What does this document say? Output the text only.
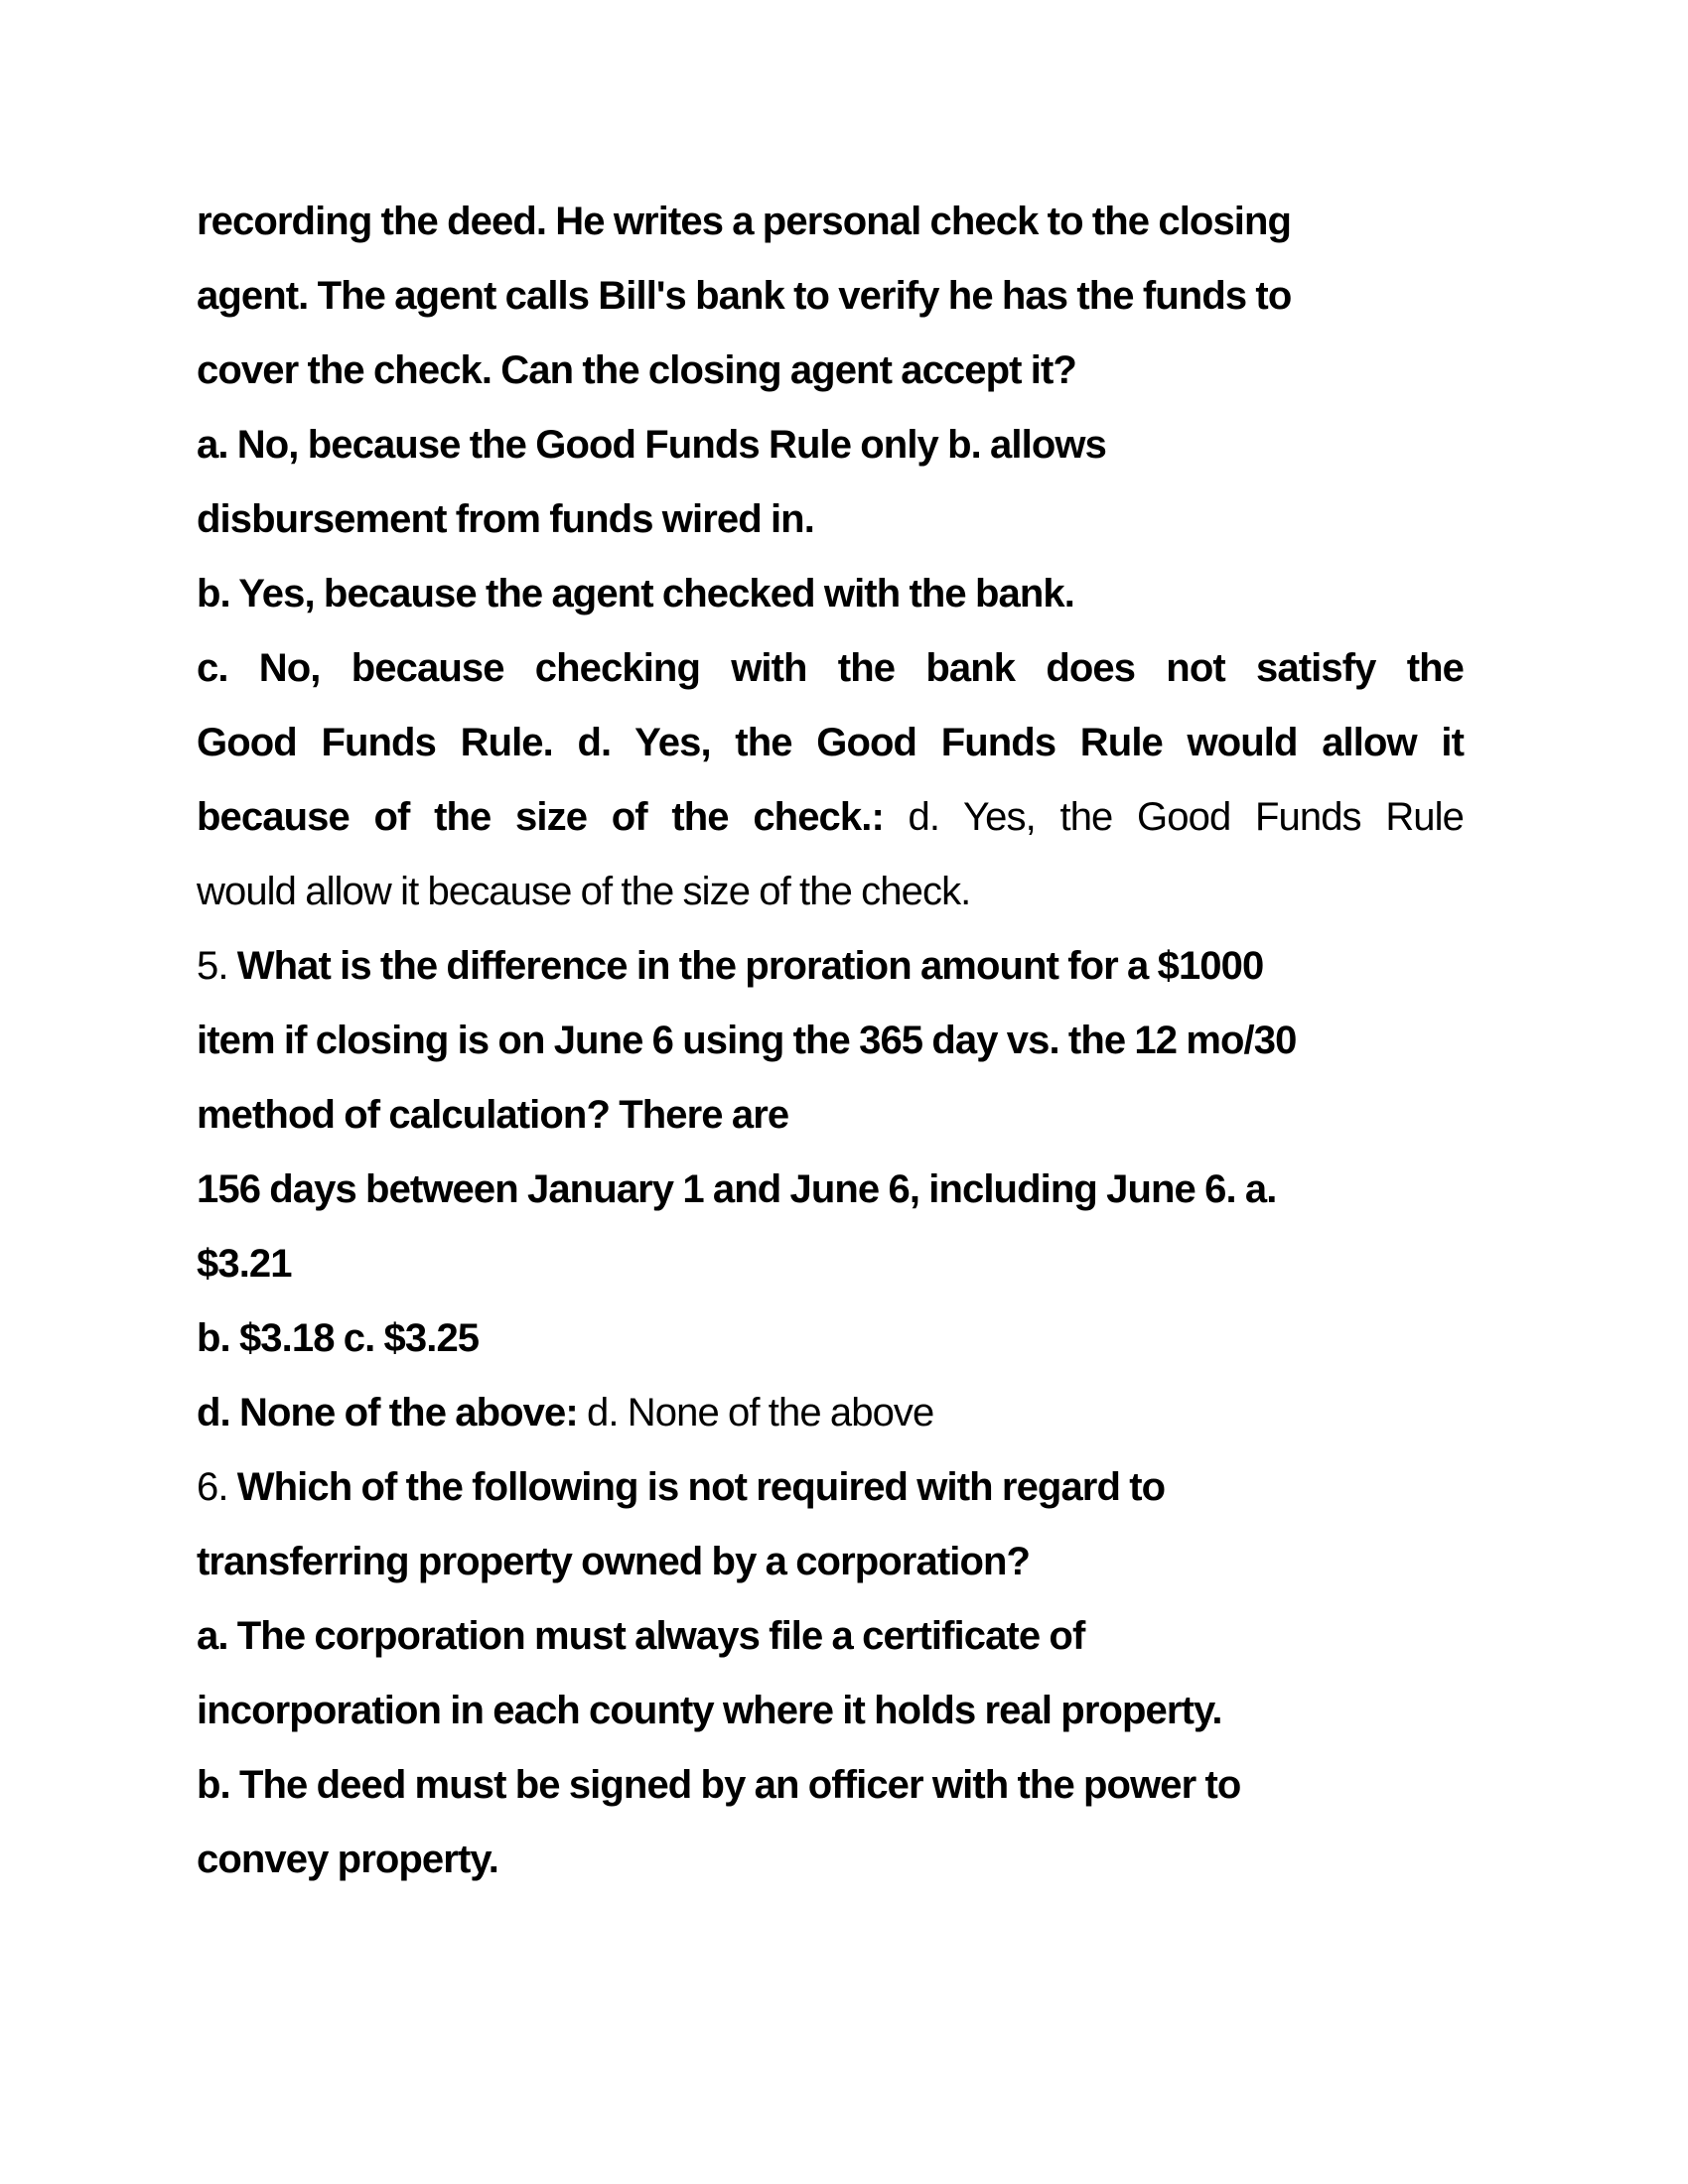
recording the deed. He writes a personal check to the closing
agent. The agent calls Bill's bank to verify he has the funds to
cover the check. Can the closing agent accept it?
a. No, because the Good Funds Rule only b. allows
disbursement from funds wired in.
b. Yes, because the agent checked with the bank.
c. No, because checking with the bank does not satisfy the
Good Funds Rule. d. Yes, the Good Funds Rule would allow it
because of the size of the check.: d. Yes, the Good Funds Rule
would allow it because of the size of the check.
5. What is the difference in the proration amount for a $1000
item if closing is on June 6 using the 365 day vs. the 12 mo/30
method of calculation? There are
156 days between January 1 and June 6, including June 6. a.
$3.21
b. $3.18 c. $3.25
d. None of the above: d. None of the above
6. Which of the following is not required with regard to
transferring property owned by a corporation?
a. The corporation must always file a certificate of
incorporation in each county where it holds real property.
b. The deed must be signed by an officer with the power to
convey property.
